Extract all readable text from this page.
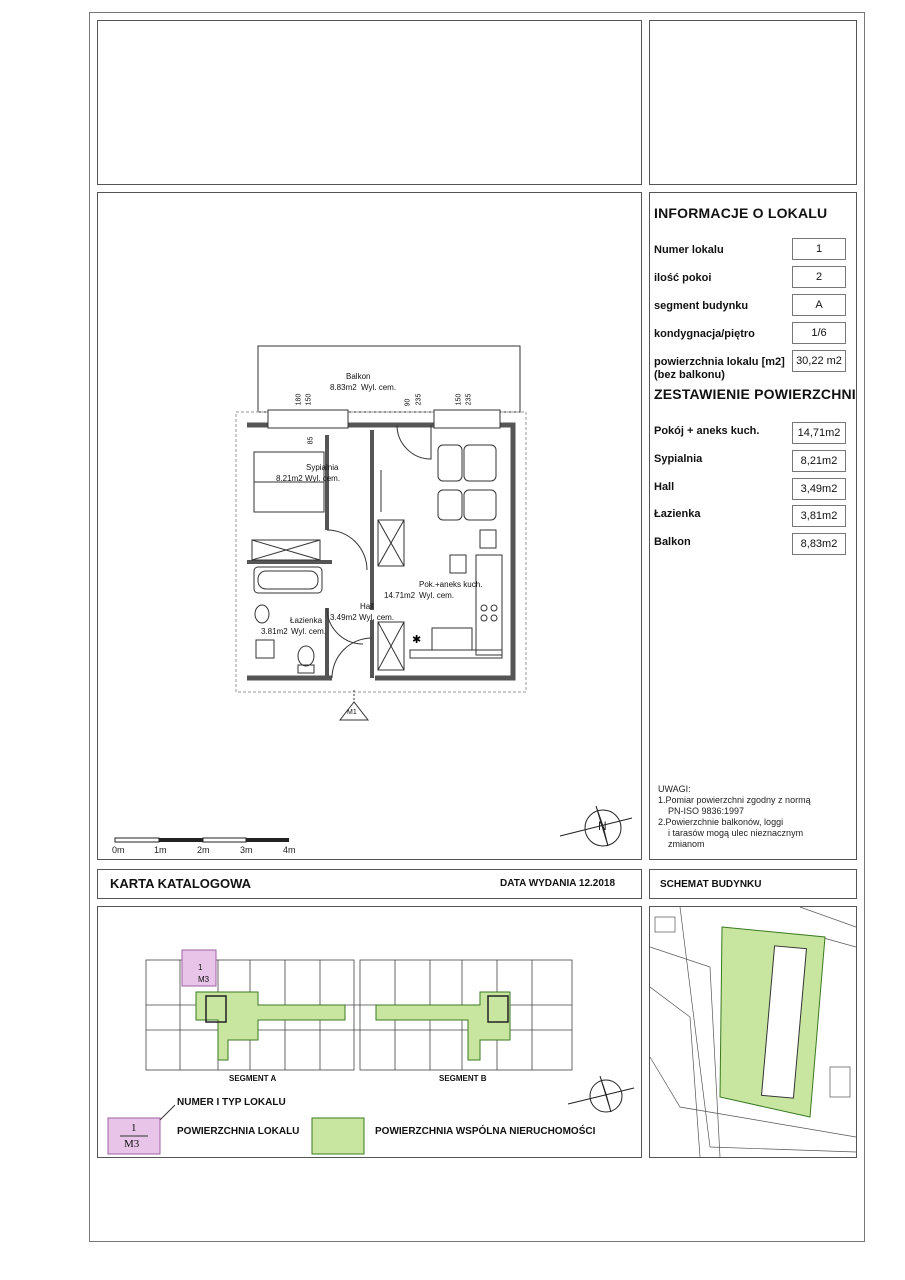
INFORMACJE O LOKALU
Numer lokalu	1
ilość pokoi	2
segment budynku	A
kondygnacja/piętro	1/6
powierzchnia lokalu [m2]
(bez balkonu)
30,22 m2
ZESTAWIENIE POWIERZCHNI
Pokój + aneks kuch.	14,71m2
Sypialnia	8,21m2
Hall	3,49m2
Łazienka	3,81m2
Balkon	8,83m2
UWAGI:
1.Pomiar powierzchni zgodny z normą
PN-ISO 9836:1997
2.Powierzchnie balkonów, loggi
i tarasów mogą ulec nieznacznym
zmianom
✱
N
Balkon
8.83m2 Wyl. cem.
Sypialnia
8.21m2 Wyl. cem.
Pok.+aneks kuch.
14.71m2 Wyl. cem.
Hall
3.49m2 Wyl. cem.
Łazienka
3.81m2 Wyl. cem.
180 150	90 235	150 235
85
M1
0m	1m	2m	3m	4m
KARTA KATALOGOWA	DATA WYDANIA 12.2018	SCHEMAT BUDYNKU
1
M3
SEGMENT A	SEGMENT B
NUMER I TYP LOKALU
POWIERZCHNIA LOKALU	POWIERZCHNIA WSPÓLNA NIERUCHOMOŚCI
1
M3
